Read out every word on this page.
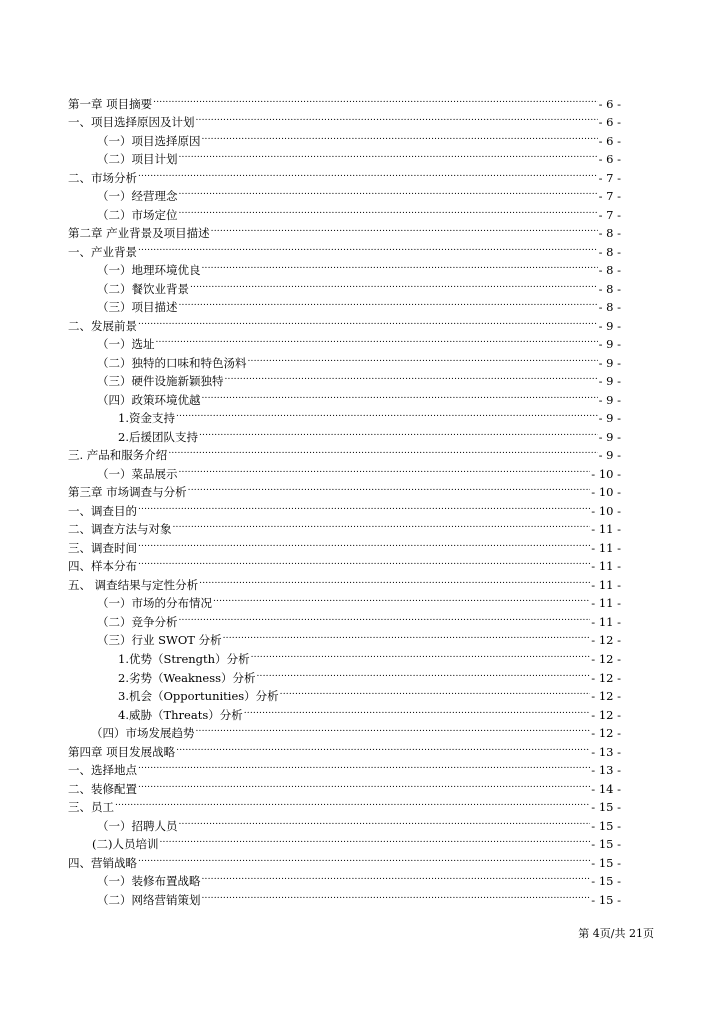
第一章 项目摘要 .....	- 6 -
一、项目选择原因及计划 .....	- 6 -
（一）项目选择原因 .....	- 6 -
（二）项目计划 .....	- 6 -
二、市场分析 .....	- 7 -
（一）经营理念 .....	- 7 -
（二）市场定位 .....	- 7 -
第二章 产业背景及项目描述 .....	- 8 -
一、产业背景 .....	- 8 -
（一）地理环境优良 .....	- 8 -
（二）餐饮业背景 .....	- 8 -
（三）项目描述 .....	- 8 -
二、发展前景 .....	- 9 -
（一）选址 .....	- 9 -
（二）独特的口味和特色汤料 .....	- 9 -
（三）硬件设施新颖独特 .....	- 9 -
（四）政策环境优越 .....	- 9 -
1.资金支持 .....	- 9 -
2.后援团队支持 .....	- 9 -
三. 产品和服务介绍 .....	- 9 -
（一）菜品展示 .....	- 10 -
第三章 市场调查与分析 .....	- 10 -
一、调查目的 .....	- 10 -
二、调查方法与对象 .....	- 11 -
三、调查时间 .....	- 11 -
四、样本分布 .....	- 11 -
五、 调查结果与定性分析 .....	- 11 -
（一）市场的分布情况 .....	- 11 -
（二）竞争分析 .....	- 11 -
（三）行业 SWOT 分析 .....	- 12 -
1.优势（Strength）分析 .....	- 12 -
2.劣势（Weakness）分析 .....	- 12 -
3.机会（Opportunities）分析 .....	- 12 -
4.威胁（Threats）分析 .....	- 12 -
（四）市场发展趋势 .....	- 12 -
第四章 项目发展战略 .....	- 13 -
一、选择地点 .....	- 13 -
二、装修配置 .....	- 14 -
三、员工 .....	- 15 -
（一）招聘人员 .....	- 15 -
(二)人员培训 .....	- 15 -
四、营销战略 .....	- 15 -
（一）装修布置战略 .....	- 15 -
（二）网络营销策划 .....	- 15 -
第 4页/共 21页
